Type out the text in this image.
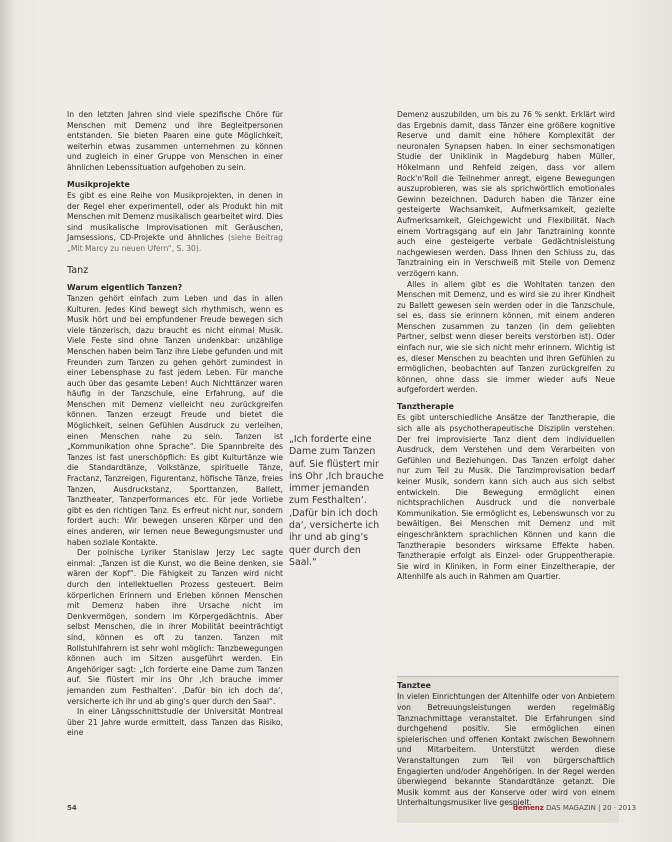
In den letzten Jahren sind viele spezifische Chöre für Menschen mit Demenz und ihre Begleitpersonen entstanden. Sie bieten Paaren eine gute Möglichkeit, weiterhin etwas zusammen unternehmen zu können und zugleich in einer Gruppe von Menschen in einer ähnlichen Lebenssituation aufgehoben zu sein.

Musikprojekte

Es gibt es eine Reihe von Musikprojekten, in denen in der Regel eher experimentell, oder als Produkt hin mit Menschen mit Demenz musikalisch gearbeitet wird. Dies sind musikalische Improvisationen mit Geräuschen, Jamsessions, CD-Projekte und ähnliches (siehe Beitrag „Mit Marcy zu neuen Ufern“, S. 30).

Tanz
Warum eigentlich Tanzen?

Tanzen gehört einfach zum Leben und das in allen Kulturen. Jedes Kind bewegt sich rhythmisch, wenn es Musik hört und bei empfundener Freude bewegen sich viele tänzerisch, dazu braucht es nicht einmal Musik. Viele Feste sind ohne Tanzen undenkbar: unzählige Menschen haben beim Tanz ihre Liebe gefunden und mit Freunden zum Tanzen zu gehen gehört zumindest in einer Lebensphase zu fast jedem Leben. Für manche auch über das gesamte Leben! Auch Nichttänzer waren häufig in der Tanzschule, eine Erfahrung, auf die Menschen mit Demenz vielleicht neu zurückgreifen können. Tanzen erzeugt Freude und bietet die Möglichkeit, seinen Gefühlen Ausdruck zu verleihen, einen Menschen nahe zu sein. Tanzen ist „Kommunikation ohne Sprache“. Die Spannbreite des Tanzes ist fast unerschöpflich: Es gibt Kulturtänze wie die Standardtänze, Volkstänze, spirituelle Tänze, Fractanz, Tanzreigen, Figurentanz, höfische Tänze, freies Tanzen, Ausdruckstanz, Sporttanzen, Ballett, Tanztheater, Tanzperformances etc. Für jede Vorliebe gibt es den richtigen Tanz. Es erfreut nicht nur, sondern fordert auch: Wir bewegen unseren Körper und den eines anderen, wir lernen neue Bewegungsmuster und haben soziale Kontakte.

Der polnische Lyriker Stanislaw Jerzy Lec sagte einmal: „Tanzen ist die Kunst, wo die Beine denken, sie wären der Kopf“. Die Fähigkeit zu Tanzen wird nicht durch den intellektuellen Prozess gesteuert. Beim körperlichen Erinnern und Erleben können Menschen mit Demenz haben ihre Ursache nicht im Denkvermögen, sondern im Körpergedächtnis. Aber selbst Menschen, die in ihrer Mobilität beeinträchtigt sind, können es oft zu tanzen. Tanzen mit Rollstuhlfahrern ist sehr wohl möglich: Tanzbewegungen können auch im Sitzen ausgeführt werden. Ein Angehöriger sagt: „Ich forderte eine Dame zum Tanzen auf. Sie flüstert mir ins Ohr ,Ich brauche immer jemanden zum Festhalten‘. ,Dafür bin ich doch da‘, versicherte ich ihr und ab ging’s quer durch den Saal“.

In einer Längsschnittstudie der Universität Montreal über 21 Jahre wurde ermittelt, dass Tanzen das Risiko, eine

„Ich forderte eine Dame zum Tanzen auf. Sie flüstert mir ins Ohr ,Ich brauche immer jemanden zum Festhalten‘. ,Dafür bin ich doch da‘, versicherte ich ihr und ab ging’s quer durch den Saal.“

Demenz auszubilden, um bis zu 76 % senkt. Erklärt wird das Ergebnis damit, dass Tänzer eine größere kognitive Reserve und damit eine höhere Komplexität der neuronalen Synapsen haben. In einer sechsmonatigen Studie der Uniklinik in Magdeburg haben Müller, Hökelmann und Rehfeld zeigen, dass vor allem Rock'n'Roll die Teilnehmer anregt, eigene Bewegungen auszuprobieren, was sie als sprichwörtlich emotionales Gewinn bezeichnen. Dadurch haben die Tänzer eine gesteigerte Wachsamkeit, Aufmerksamkeit, gezielte Aufmerksamkeit, Gleichgewicht und Flexibilität. Nach einem Vortragsgang auf ein Jahr Tanztraining konnte auch eine gesteigerte verbale Gedächtnisleistung nachgewiesen werden. Dass Ihnen den Schluss zu, das Tanztraining ein in Verschweiß mit Stelle von Demenz verzögern kann.

Alles in allem gibt es die Wohltaten tanzen den Menschen mit Demenz, und es wird sie zu ihrer Kindheit zu Ballett gewesen sein werden oder in die Tanzschule, sei es, dass sie erinnern können, mit einem anderen Menschen zusammen zu tanzen (in dem geliebten Partner, selbst wenn dieser bereits verstorben ist). Oder einfach nur, wie sie sich nicht mehr erinnern. Wichtig ist es, dieser Menschen zu beachten und ihren Gefühlen zu ermöglichen, beobachten auf Tanzen zurückgreifen zu können, ohne dass sie immer wieder aufs Neue aufgefordert werden.

Tanztherapie

Es gibt unterschiedliche Ansätze der Tanztherapie, die sich alle als psychotherapeutische Disziplin verstehen. Der frei improvisierte Tanz dient dem individuellen Ausdruck, dem Verstehen und dem Verarbeiten von Gefühlen und Beziehungen. Das Tanzen erfolgt daher nur zum Teil zu Musik. Die Tanzimprovisation bedarf keiner Musik, sondern kann sich auch aus sich selbst entwickeln. Die Bewegung ermöglicht einen nichtsprachlichen Ausdruck und die nonverbale Kommunikation. Sie ermöglicht es, Lebenswunsch vor zu bewältigen. Bei Menschen mit Demenz und mit eingeschränktem sprachlichen Können und kann die Tanztherapie besonders wirksame Effekte haben. Tanztherapie erfolgt als Einzel- oder Gruppentherapie. Sie wird in Kliniken, in Form einer Einzeltherapie, der Altenhilfe als auch in Rahmen am Quartier.

Tanztee

In vielen Einrichtungen der Altenhilfe oder von Anbietern von Betreuungsleistungen werden regelmäßig Tanznachmittage veranstaltet. Die Erfahrungen sind durchgehend positiv. Sie ermöglichen einen spielerischen und offenen Kontakt zwischen Bewohnern und Mitarbeitern. Unterstützt werden diese Veranstaltungen zum Teil von bürgerschaftlich Engagierten und/oder Angehörigen. In der Regel werden überwiegend bekannte Standardtänze getanzt. Die Musik kommt aus der Konserve oder wird von einem Unterhaltungsmusiker live gespielt.

54	demenz DAS MAGAZIN | 20 · 2013
